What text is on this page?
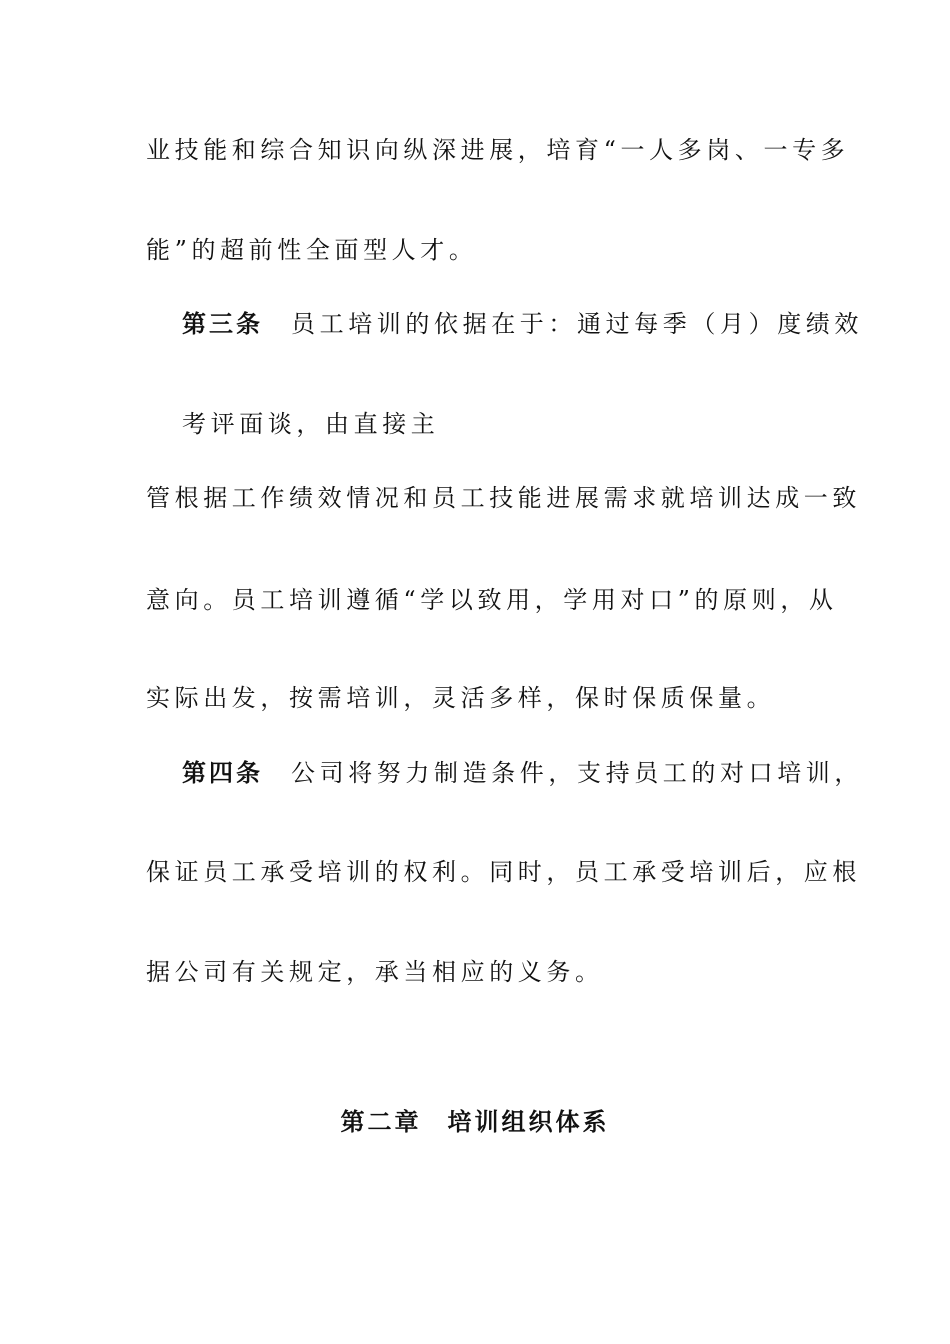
业技能和综合知识向纵深进展，培育“一人多岗、一专多
能”的超前性全面型人才。
第三条 员工培训的依据在于：通过每季（月）度绩效
考评面谈，由直接主
管根据工作绩效情况和员工技能进展需求就培训达成一致
意向。员工培训遵循“学以致用，学用对口”的原则，从
实际出发，按需培训，灵活多样，保时保质保量。
第四条 公司将努力制造条件，支持员工的对口培训，
保证员工承受培训的权利。同时，员工承受培训后，应根
据公司有关规定，承当相应的义务。
第二章 培训组织体系
